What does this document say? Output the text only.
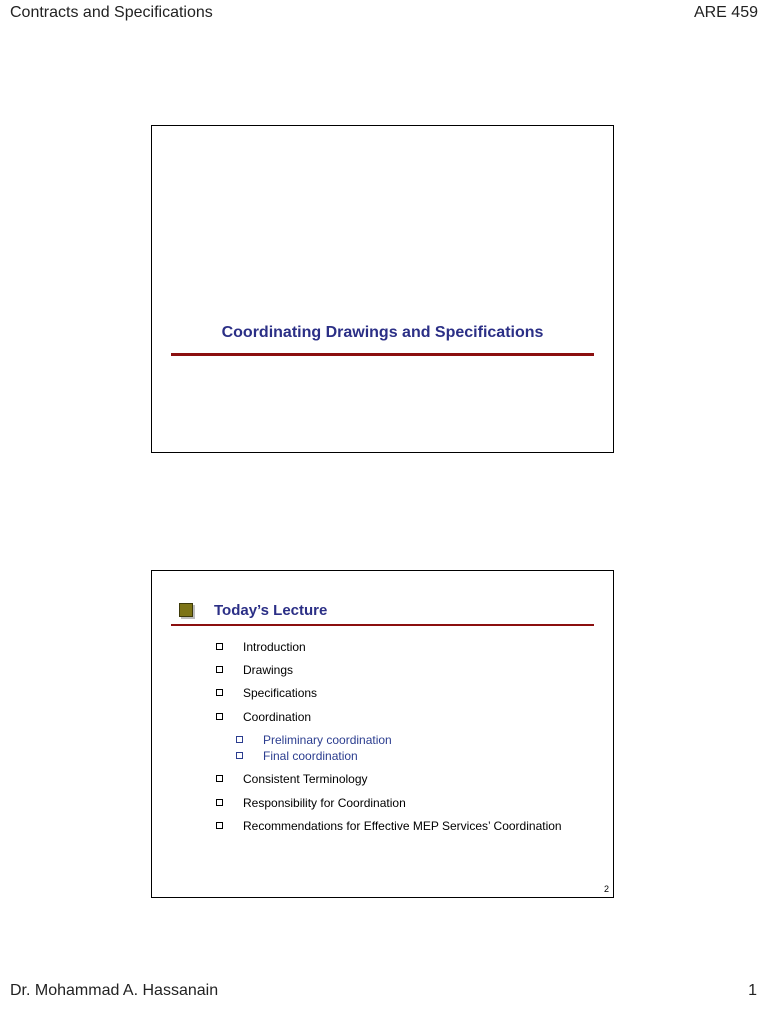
Contracts and Specifications	ARE 459
Coordinating Drawings and Specifications
Today’s Lecture
Introduction
Drawings
Specifications
Coordination
Preliminary coordination
Final coordination
Consistent Terminology
Responsibility for Coordination
Recommendations for Effective MEP Services’ Coordination
2
Dr. Mohammad A. Hassanain	1
